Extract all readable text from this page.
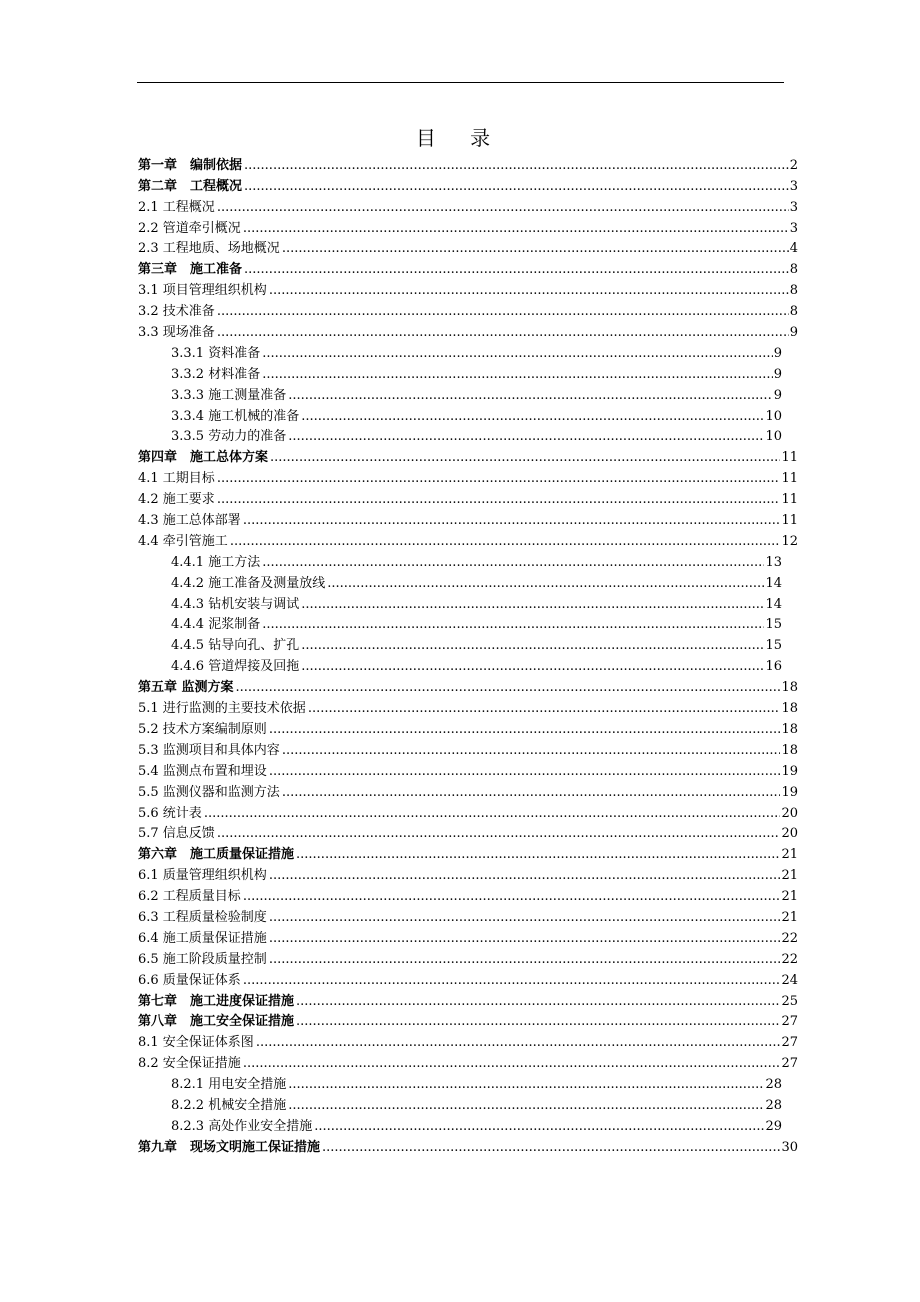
目 录
第一章　编制依据 .....	2
第二章　工程概况 .....	3
2.1 工程概况 .....	3
2.2 管道牵引概况 .....	3
2.3 工程地质、场地概况 .....	4
第三章　施工准备 .....	8
3.1 项目管理组织机构 .....	8
3.2 技术准备 .....	8
3.3 现场准备 .....	9
3.3.1 资料准备 .....	9
3.3.2 材料准备 .....	9
3.3.3 施工测量准备 .....	9
3.3.4 施工机械的准备 .....	10
3.3.5 劳动力的准备 .....	10
第四章　施工总体方案 .....	11
4.1 工期目标 .....	11
4.2 施工要求 .....	11
4.3 施工总体部署 .....	11
4.4 牵引管施工 .....	12
4.4.1 施工方法 .....	13
4.4.2 施工准备及测量放线 .....	14
4.4.3 钻机安装与调试 .....	14
4.4.4 泥浆制备 .....	15
4.4.5 钻导向孔、扩孔 .....	15
4.4.6 管道焊接及回拖 .....	16
第五章 监测方案 .....	18
5.1 进行监测的主要技术依据 .....	18
5.2 技术方案编制原则 .....	18
5.3 监测项目和具体内容 .....	18
5.4 监测点布置和埋设 .....	19
5.5 监测仪器和监测方法 .....	19
5.6 统计表 .....	20
5.7 信息反馈 .....	20
第六章　施工质量保证措施 .....	21
6.1 质量管理组织机构 .....	21
6.2 工程质量目标 .....	21
6.3 工程质量检验制度 .....	21
6.4 施工质量保证措施 .....	22
6.5 施工阶段质量控制 .....	22
6.6 质量保证体系 .....	24
第七章　施工进度保证措施 .....	25
第八章　施工安全保证措施 .....	27
8.1 安全保证体系图 .....	27
8.2 安全保证措施 .....	27
8.2.1 用电安全措施 .....	28
8.2.2 机械安全措施 .....	28
8.2.3 高处作业安全措施 .....	29
第九章　现场文明施工保证措施 .....	30
